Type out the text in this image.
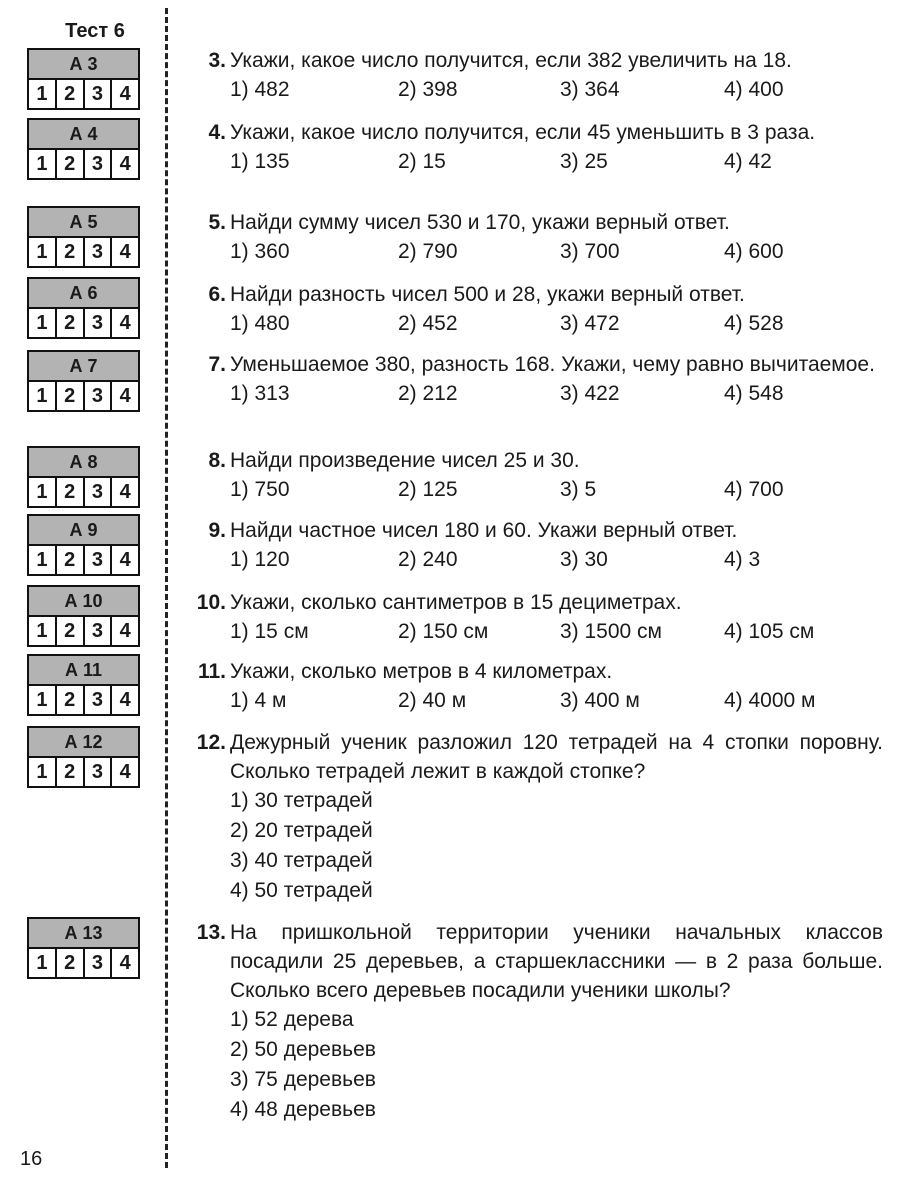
Тест 6
А 3
1 2 3 4
А 4
1 2 3 4
А 5
1 2 3 4
А 6
1 2 3 4
А 7
1 2 3 4
А 8
1 2 3 4
А 9
1 2 3 4
А 10
1 2 3 4
А 11
1 2 3 4
А 12
1 2 3 4
А 13
1 2 3 4
3. Укажи, какое число получится, если 382 увеличить на 18.
1) 482	2) 398	3) 364	4) 400
4. Укажи, какое число получится, если 45 уменьшить в 3 раза.
1) 135	2) 15	3) 25	4) 42
5. Найди сумму чисел 530 и 170, укажи верный ответ.
1) 360	2) 790	3) 700	4) 600
6. Найди разность чисел 500 и 28, укажи верный ответ.
1) 480	2) 452	3) 472	4) 528
7. Уменьшаемое 380, разность 168. Укажи, чему равно вычитаемое.
1) 313	2) 212	3) 422	4) 548
8. Найди произведение чисел 25 и 30.
1) 750	2) 125	3) 5	4) 700
9. Найди частное чисел 180 и 60. Укажи верный ответ.
1) 120	2) 240	3) 30	4) 3
10. Укажи, сколько сантиметров в 15 дециметрах.
1) 15 см	2) 150 см	3) 1500 см	4) 105 см
11. Укажи, сколько метров в 4 километрах.
1) 4 м	2) 40 м	3) 400 м	4) 4000 м
12. Дежурный ученик разложил 120 тетрадей на 4 стопки поровну. Сколько тетрадей лежит в каждой стопке?
1) 30 тетрадей
2) 20 тетрадей
3) 40 тетрадей
4) 50 тетрадей
13. На пришкольной территории ученики начальных классов посадили 25 деревьев, а старшеклассники — в 2 раза больше. Сколько всего деревьев посадили ученики школы?
1) 52 дерева
2) 50 деревьев
3) 75 деревьев
4) 48 деревьев
16
